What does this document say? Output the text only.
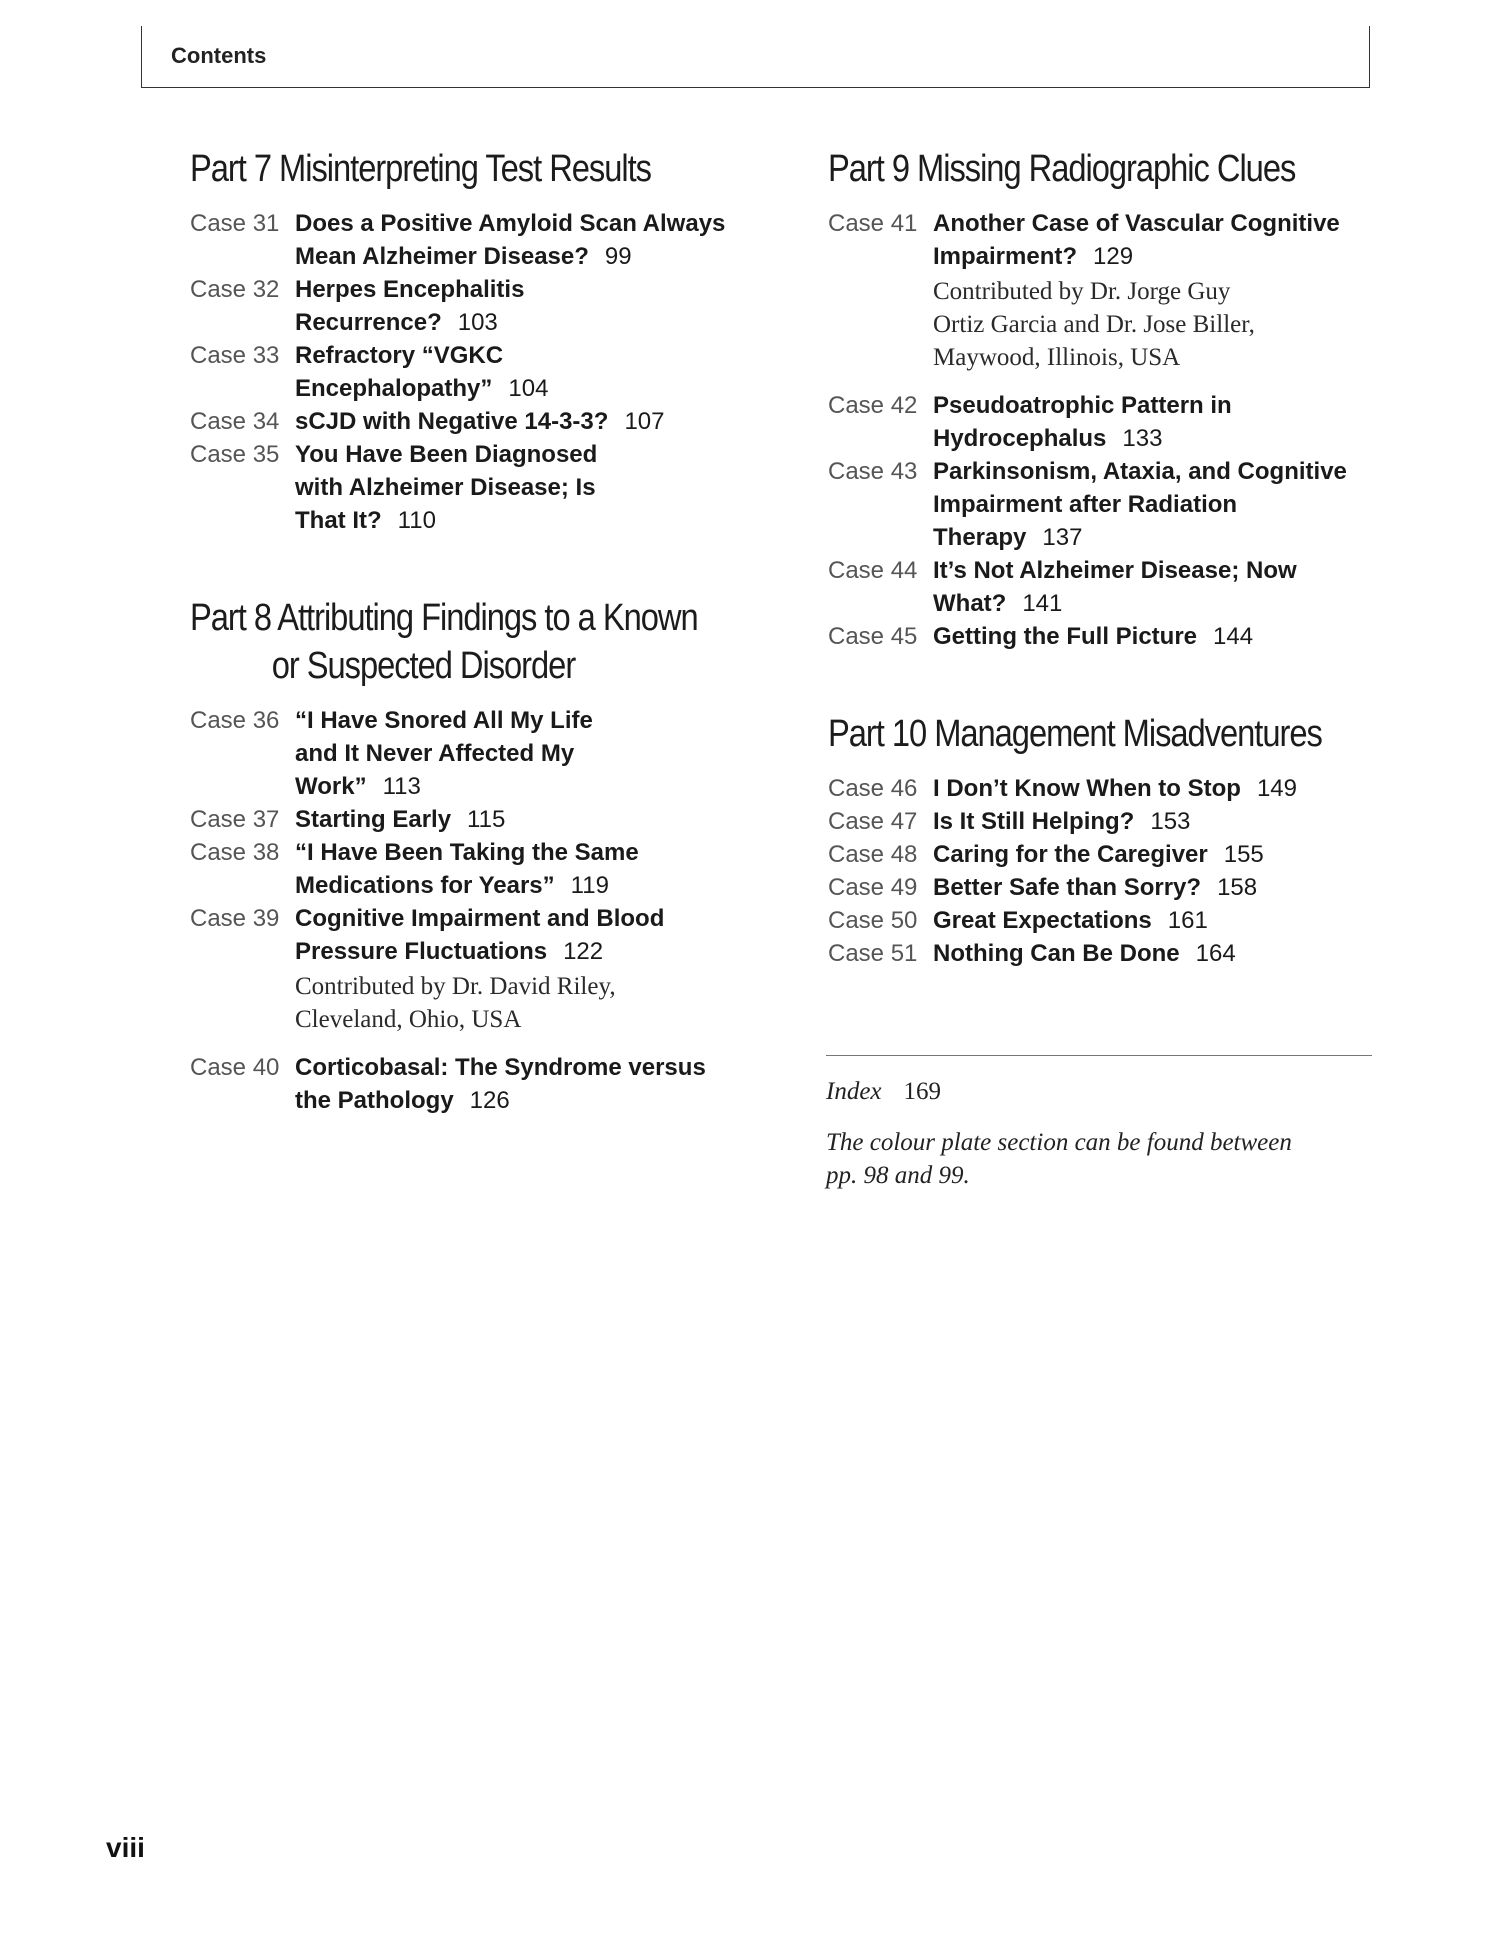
Contents
Part 7 Misinterpreting Test Results
Case 31 Does a Positive Amyloid Scan Always
Mean Alzheimer Disease? 99
Case 32 Herpes Encephalitis
Recurrence? 103
Case 33 Refractory “VGKC
Encephalopathy” 104
Case 34 sCJD with Negative 14-3-3? 107
Case 35 You Have Been Diagnosed
with Alzheimer Disease; Is
That It? 110
Part 8 Attributing Findings to a Known
or Suspected Disorder
Case 36 “I Have Snored All My Life
and It Never Affected My
Work” 113
Case 37 Starting Early 115
Case 38 “I Have Been Taking the Same
Medications for Years” 119
Case 39 Cognitive Impairment and Blood
Pressure Fluctuations 122
Contributed by Dr. David Riley,
Cleveland, Ohio, USA
Case 40 Corticobasal: The Syndrome versus
the Pathology 126
Part 9 Missing Radiographic Clues
Case 41 Another Case of Vascular Cognitive
Impairment? 129
Contributed by Dr. Jorge Guy
Ortiz Garcia and Dr. Jose Biller,
Maywood, Illinois, USA
Case 42 Pseudoatrophic Pattern in
Hydrocephalus 133
Case 43 Parkinsonism, Ataxia, and Cognitive
Impairment after Radiation
Therapy 137
Case 44 It’s Not Alzheimer Disease; Now
What? 141
Case 45 Getting the Full Picture 144
Part 10 Management Misadventures
Case 46 I Don’t Know When to Stop 149
Case 47 Is It Still Helping? 153
Case 48 Caring for the Caregiver 155
Case 49 Better Safe than Sorry? 158
Case 50 Great Expectations 161
Case 51 Nothing Can Be Done 164
Index 169
The colour plate section can be found between
pp. 98 and 99.
viii
